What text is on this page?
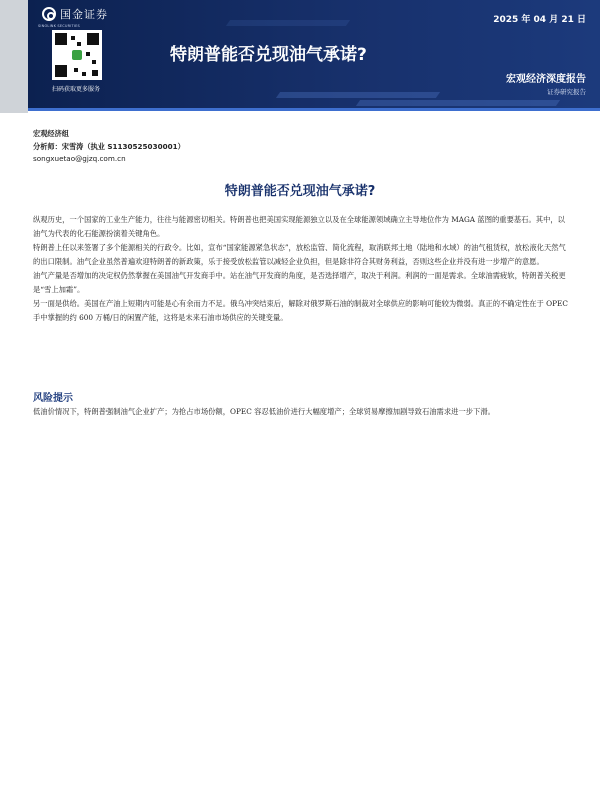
国金证券
SINOLINK SECURITIES
扫码获取更多服务
2025 年 04 月 21 日
特朗普能否兑现油气承诺?
宏观经济深度报告
证券研究报告
宏观经济组
分析师：宋雪涛（执业 S1130525030001）
songxuetao@gjzq.com.cn
特朗普能否兑现油气承诺?

纵观历史，一个国家的工业生产能力，往往与能源密切相关。特朗普也把美国实现能源独立以及在全球能源领域确立主导地位作为 MAGA 蓝图的重要基石。其中，以油气为代表的化石能源扮演着关键角色。

特朗普上任以来签署了多个能源相关的行政令。比如，宣布“国家能源紧急状态”，放松监管、简化流程，取消联邦土地（陆地和水域）的油气租赁权，放松液化天然气的出口限制。油气企业虽然普遍欢迎特朗普的新政策，乐于接受放松监管以减轻企业负担，但是除非符合其财务利益，否则这些企业并没有进一步增产的意愿。

油气产量是否增加的决定权仍然掌握在美国油气开发商手中。站在油气开发商的角度，是否选择增产，取决于利润。利润的一面是需求。全球油需疲软，特朗普关税更是“雪上加霜”。

另一面是供给。美国在产油上短期内可能是心有余而力不足。俄乌冲突结束后，解除对俄罗斯石油的制裁对全球供应的影响可能较为微弱。真正的不确定性在于 OPEC 手中掌握的约 600 万桶/日的闲置产能，这将是未来石油市场供应的关键变量。

风险提示
低油价情况下，特朗普强制油气企业扩产；为抢占市场份额，OPEC 容忍低油价进行大幅度增产；全球贸易摩擦加剧导致石油需求进一步下滑。
